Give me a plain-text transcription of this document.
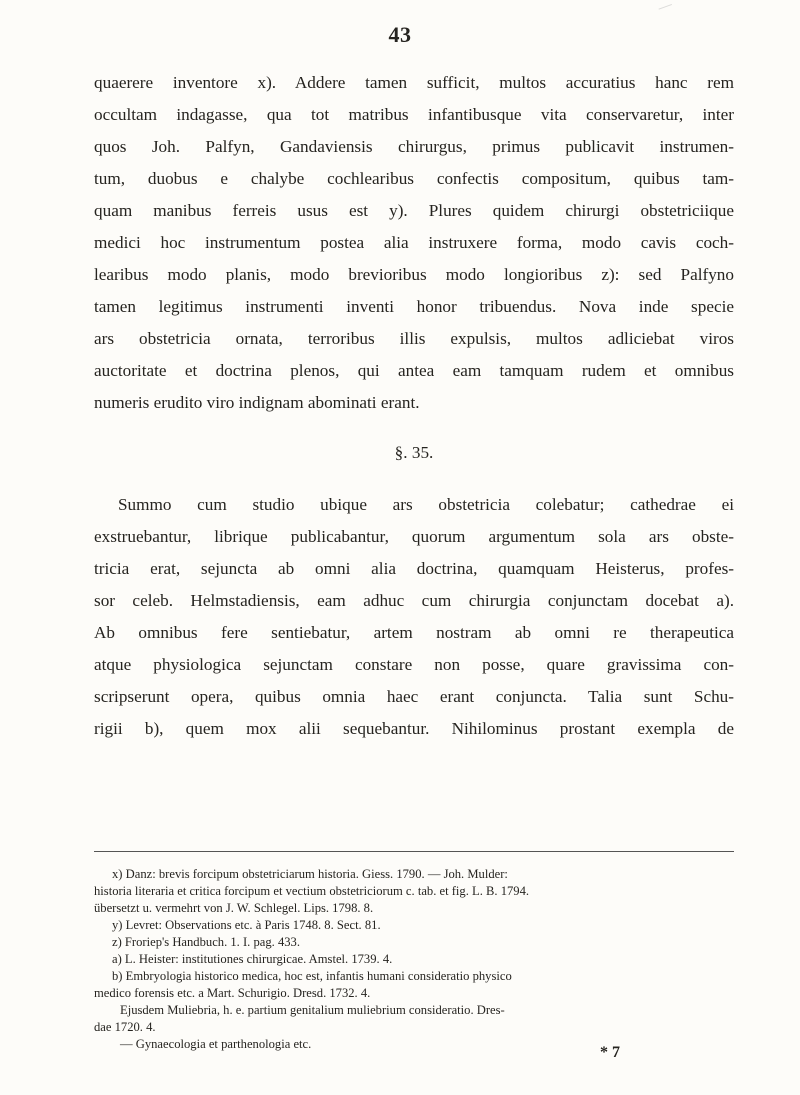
43
quaerere inventore x). Addere tamen sufficit, multos accuratius hanc rem
occultam indagasse, qua tot matribus infantibusque vita conservaretur, inter
quos Joh. Palfyn, Gandaviensis chirurgus, primus publicavit instrumen-
tum, duobus e chalybe cochlearibus confectis compositum, quibus tam-
quam manibus ferreis usus est y). Plures quidem chirurgi obstetriciique
medici hoc instrumentum postea alia instruxere forma, modo cavis coch-
learibus modo planis, modo brevioribus modo longioribus z): sed Palfyno
tamen legitimus instrumenti inventi honor tribuendus. Nova inde specie
ars obstetricia ornata, terroribus illis expulsis, multos adliciebat viros
auctoritate et doctrina plenos, qui antea eam tamquam rudem et omnibus
numeris erudito viro indignam abominati erant.
§. 35.
Summo cum studio ubique ars obstetricia colebatur; cathedrae ei
exstruebantur, librique publicabantur, quorum argumentum sola ars obste-
tricia erat, sejuncta ab omni alia doctrina, quamquam Heisterus, profes-
sor celeb. Helmstadiensis, eam adhuc cum chirurgia conjunctam docebat a).
Ab omnibus fere sentiebatur, artem nostram ab omni re therapeutica
atque physiologica sejunctam constare non posse, quare gravissima con-
scripserunt opera, quibus omnia haec erant conjuncta. Talia sunt Schu-
rigii b), quem mox alii sequebantur. Nihilominus prostant exempla de
x) Danz: brevis forcipum obstetriciarum historia. Giess. 1790. — Joh. Mulder:
historia literaria et critica forcipum et vectium obstetriciorum c. tab. et fig. L. B. 1794.
übersetzt u. vermehrt von J. W. Schlegel. Lips. 1798. 8.
y) Levret: Observations etc. à Paris 1748. 8. Sect. 81.
z) Froriep's Handbuch. 1. I. pag. 433.
a) L. Heister: institutiones chirurgicae. Amstel. 1739. 4.
b) Embryologia historico medica, hoc est, infantis humani consideratio physico
medico forensis etc. a Mart. Schurigio. Dresd. 1732. 4.
Ejusdem Muliebria, h. e. partium genitalium muliebrium consideratio. Dres-
dae 1720. 4.
— Gynaecologia et parthenologia etc.	* 7
